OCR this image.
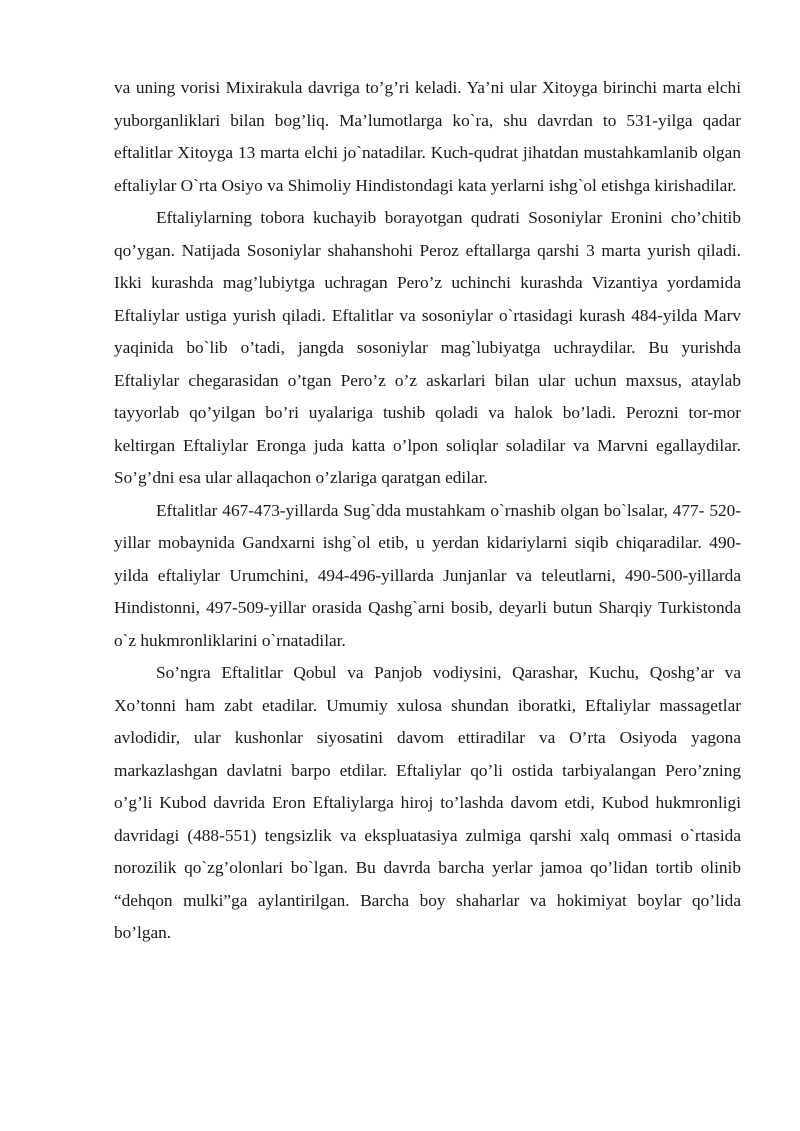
va uning vorisi Mixirakula davriga to’g’ri keladi. Ya’ni ular Xitoyga birinchi marta elchi yuborganliklari bilan bog’liq. Ma’lumotlarga ko`ra, shu davrdan to 531-yilga qadar eftalitlar Xitoyga 13 marta elchi jo`natadilar. Kuch-qudrat jihatdan mustahkamlanib olgan eftaliylar O`rta Osiyo va Shimoliy Hindistondagi kata yerlarni ishg`ol etishga kirishadilar.

Eftaliylarning tobora kuchayib borayotgan qudrati Sosoniylar Eronini cho’chitib qo’ygan. Natijada Sosoniylar shahanshohi Peroz eftallarga qarshi 3 marta yurish qiladi. Ikki kurashda mag’lubiytga uchragan Pero’z uchinchi kurashda Vizantiya yordamida Eftaliylar ustiga yurish qiladi. Eftalitlar va sosoniylar o`rtasidagi kurash 484-yilda Marv yaqinida bo`lib o’tadi, jangda sosoniylar mag`lubiyatga uchraydilar. Bu yurishda Eftaliylar chegarasidan o’tgan Pero’z o’z askarlari bilan ular uchun maxsus, ataylab tayyorlab qo’yilgan bo’ri uyalariga tushib qoladi va halok bo’ladi. Perozni tor-mor keltirgan Eftaliylar Eronga juda katta o’lpon soliqlar soladilar va Marvni egallaydilar. So’g’dni esa ular allaqachon o’zlariga qaratgan edilar.

Eftalitlar 467-473-yillarda Sug`dda mustahkam o`rnashib olgan bo`lsalar, 477- 520-yillar mobaynida Gandxarni ishg`ol etib, u yerdan kidariylarni siqib chiqaradilar. 490-yilda eftaliylar Urumchini, 494-496-yillarda Junjanlar va teleutlarni, 490-500-yillarda Hindistonni, 497-509-yillar orasida Qashg`arni bosib, deyarli butun Sharqiy Turkistonda o`z hukmronliklarini o`rnatadilar.

So’ngra Eftalitlar Qobul va Panjob vodiysini, Qarashar, Kuchu, Qoshg’ar va Xo’tonni ham zabt etadilar. Umumiy xulosa shundan iboratki, Eftaliylar massagetlar avlodidir, ular kushonlar siyosatini davom ettiradilar va O’rta Osiyoda yagona markazlashgan davlatni barpo etdilar. Eftaliylar qo’li ostida tarbiyalangan Pero’zning o’g’li Kubod davrida Eron Eftaliylarga hiroj to’lashda davom etdi, Kubod hukmronligi davridagi (488-551) tengsizlik va ekspluatasiya zulmiga qarshi xalq ommasi o`rtasida norozilik qo`zg’olonlari bo`lgan. Bu davrda barcha yerlar jamoa qo’lidan tortib olinib “dehqon mulki”ga aylantirilgan. Barcha boy shaharlar va hokimiyat boylar qo’lida bo’lgan.
